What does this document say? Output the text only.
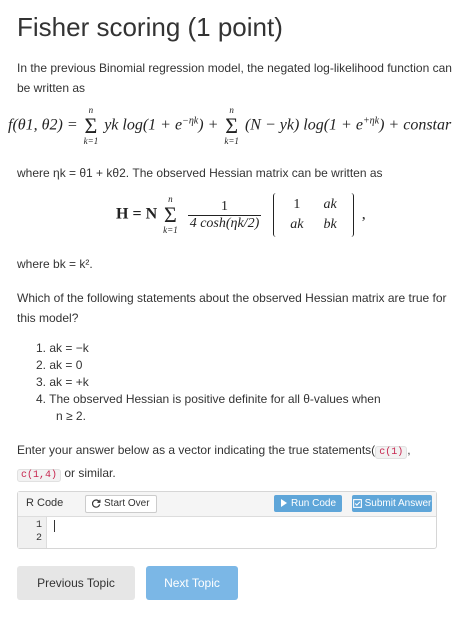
Fisher scoring (1 point)
In the previous Binomial regression model, the negated log-likelihood function can be written as
f(θ1, θ2) =
n
Σ
k=1
yk $\log(1 + e^{-\eta k})$ +
n
Σ
k=1
(N − yk) $\log(1 + e^{+\eta k})$ + constar
where ηk = θ1 + kθ2. The observed Hessian matrix can be written as
H = N
n
Σ
k=1
$\frac{1}{4 \cosh(\eta k/2)}$
1	ak
ak	bk
,
where bk = k².
Which of the following statements about the observed Hessian matrix are true for this model?
1. ak = −k
2. ak = 0
3. ak = +k
4. The observed Hessian is positive definite for all θ-values when
n ≥ 2.
Enter your answer below as a vector indicating the true statements( c(1) ,
c(1,4) or similar.
R Code	Start Over	Run Code	Submit Answer
1
2
Previous Topic	Next Topic
